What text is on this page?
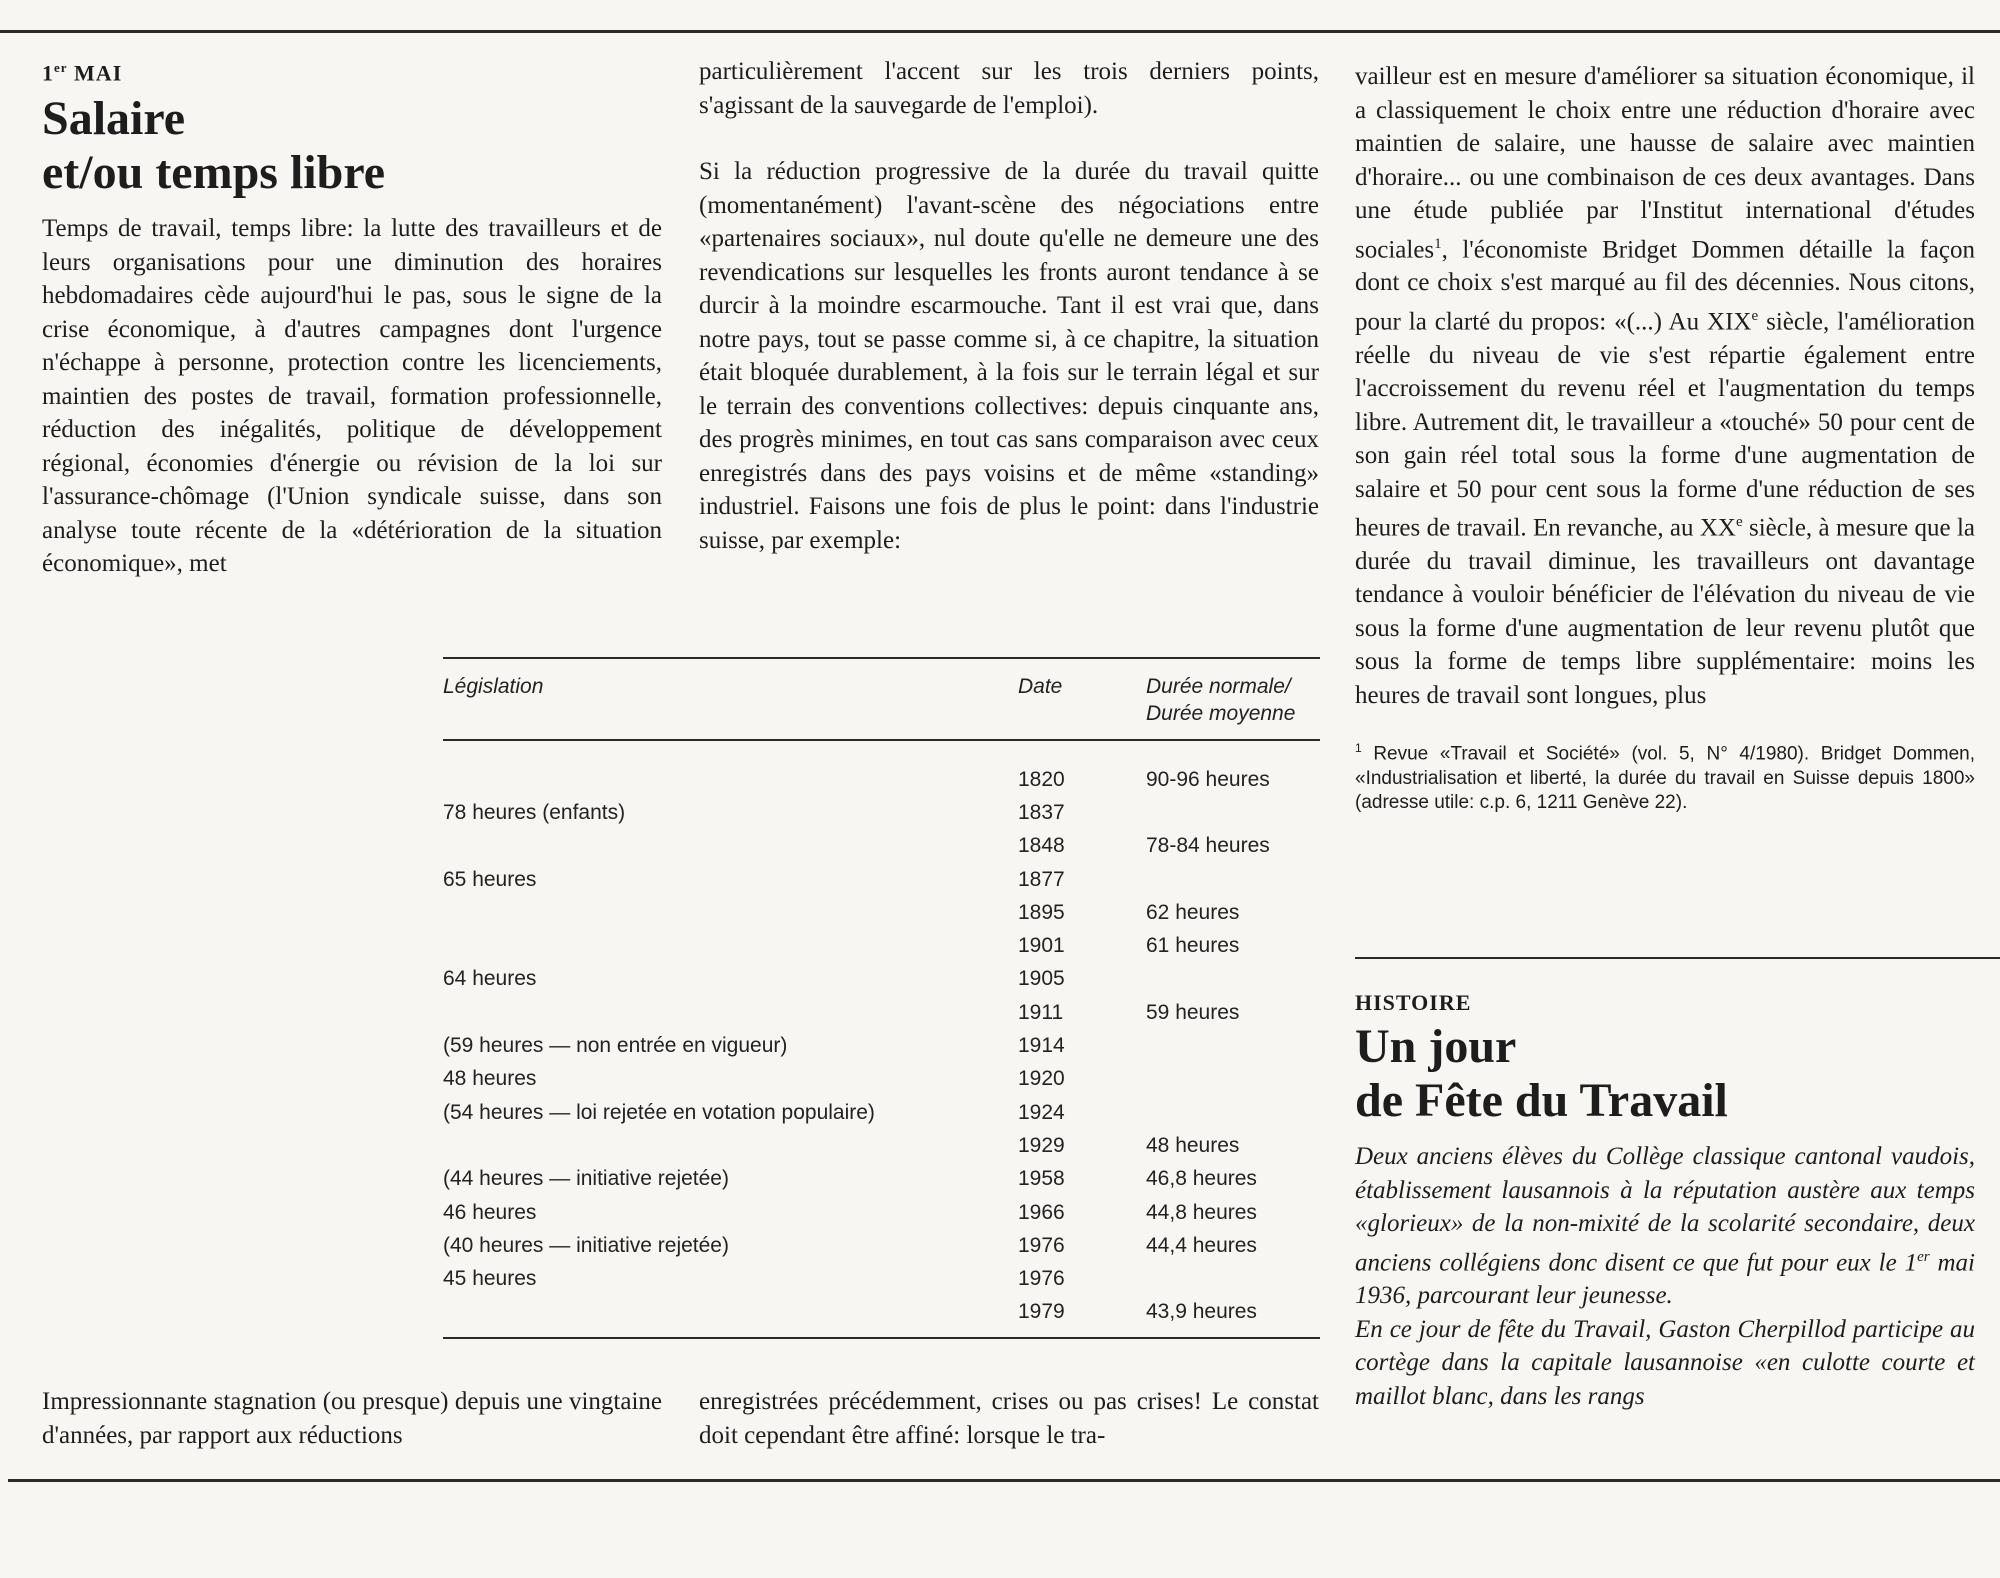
1er MAI
Salaire
et/ou temps libre

Temps de travail, temps libre: la lutte des travailleurs et de leurs organisations pour une diminution des horaires hebdomadaires cède aujourd'hui le pas, sous le signe de la crise économique, à d'autres campagnes dont l'urgence n'échappe à personne, protection contre les licenciements, maintien des postes de travail, formation professionnelle, réduction des inégalités, politique de développement régional, économies d'énergie ou révision de la loi sur l'assurance-chômage (l'Union syndicale suisse, dans son analyse toute récente de la «détérioration de la situation économique», met

particulièrement l'accent sur les trois derniers points, s'agissant de la sauvegarde de l'emploi).

Si la réduction progressive de la durée du travail quitte (momentanément) l'avant-scène des négociations entre «partenaires sociaux», nul doute qu'elle ne demeure une des revendications sur lesquelles les fronts auront tendance à se durcir à la moindre escarmouche. Tant il est vrai que, dans notre pays, tout se passe comme si, à ce chapitre, la situation était bloquée durablement, à la fois sur le terrain légal et sur le terrain des conventions collectives: depuis cinquante ans, des progrès minimes, en tout cas sans comparaison avec ceux enregistrés dans des pays voisins et de même «standing» industriel. Faisons une fois de plus le point: dans l'industrie suisse, par exemple:

vailleur est en mesure d'améliorer sa situation économique, il a classiquement le choix entre une réduction d'horaire avec maintien de salaire, une hausse de salaire avec maintien d'horaire... ou une combinaison de ces deux avantages. Dans une étude publiée par l'Institut international d'études sociales$^1$, l'économiste Bridget Dommen détaille la façon dont ce choix s'est marqué au fil des décennies. Nous citons, pour la clarté du propos: «(...) Au XIXe siècle, l'amélioration réelle du niveau de vie s'est répartie également entre l'accroissement du revenu réel et l'augmentation du temps libre. Autrement dit, le travailleur a «touché» 50 pour cent de son gain réel total sous la forme d'une augmentation de salaire et 50 pour cent sous la forme d'une réduction de ses heures de travail. En revanche, au XXe siècle, à mesure que la durée du travail diminue, les travailleurs ont davantage tendance à vouloir bénéficier de l'élévation du niveau de vie sous la forme d'une augmentation de leur revenu plutôt que sous la forme de temps libre supplémentaire: moins les heures de travail sont longues, plus

$^1$ Revue «Travail et Société» (vol. 5, N° 4/1980). Bridget Dommen, «Industrialisation et liberté, la durée du travail en Suisse depuis 1800» (adresse utile: c.p. 6, 1211 Genève 22).
HISTOIRE
Un jour
de Fête du Travail

Deux anciens élèves du Collège classique cantonal vaudois, établissement lausannois à la réputation austère aux temps «glorieux» de la non-mixité de la scolarité secondaire, deux anciens collégiens donc disent ce que fut pour eux le 1er mai 1936, parcourant leur jeunesse.

En ce jour de fête du Travail, Gaston Cherpillod participe au cortège dans la capitale lausannoise «en culotte courte et maillot blanc, dans les rangs

Législation	Date	Durée normale/
Durée moyenne

	1820	90-96 heures
78 heures (enfants)	1837	
	1848	78-84 heures
65 heures	1877	
	1895	62 heures
	1901	61 heures
64 heures	1905	
	1911	59 heures
(59 heures — non entrée en vigueur)	1914	
48 heures	1920	
(54 heures — loi rejetée en votation populaire)	1924	
	1929	48 heures
(44 heures — initiative rejetée)	1958	46,8 heures
46 heures	1966	44,8 heures
(40 heures — initiative rejetée)	1976	44,4 heures
45 heures	1976	
	1979	43,9 heures

Impressionnante stagnation (ou presque) depuis une vingtaine d'années, par rapport aux réductions

enregistrées précédemment, crises ou pas crises! Le constat doit cependant être affiné: lorsque le tra-
